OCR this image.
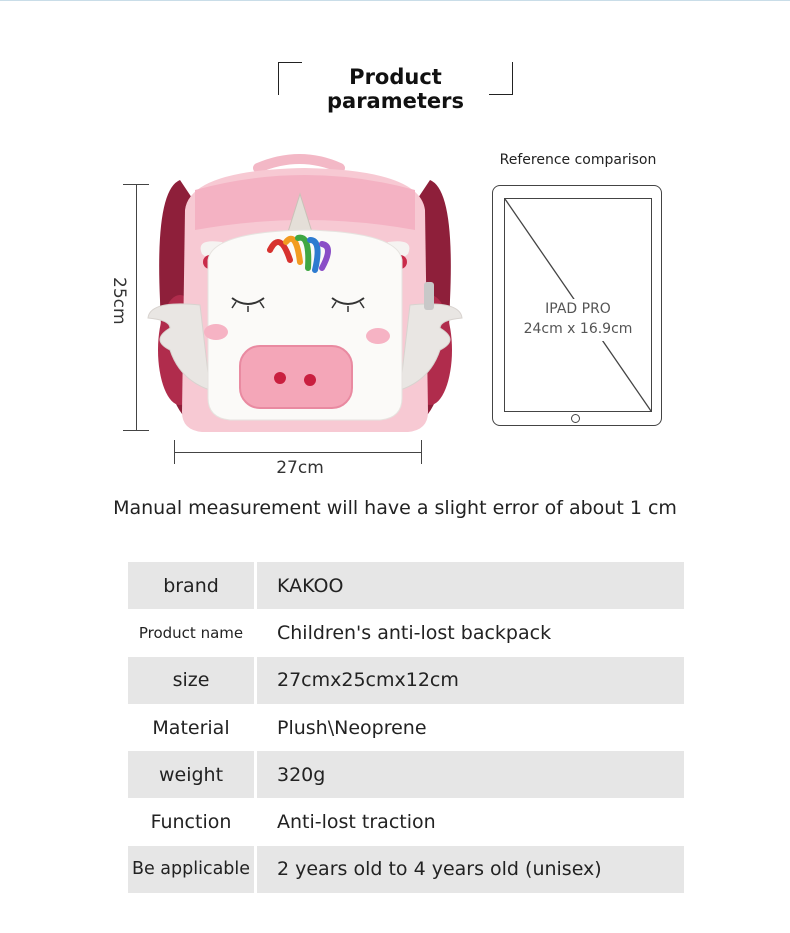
Product parameters
25cm
27cm
Reference comparison
IPAD PRO
24cm x 16.9cm
Manual measurement will have a slight error of about 1 cm
brand	KAKOO
Product name	Children's anti-lost backpack
size	27cmx25cmx12cm
Material	Plush\Neoprene
weight	320g
Function	Anti-lost traction
Be applicable	2 years old to 4 years old (unisex)
